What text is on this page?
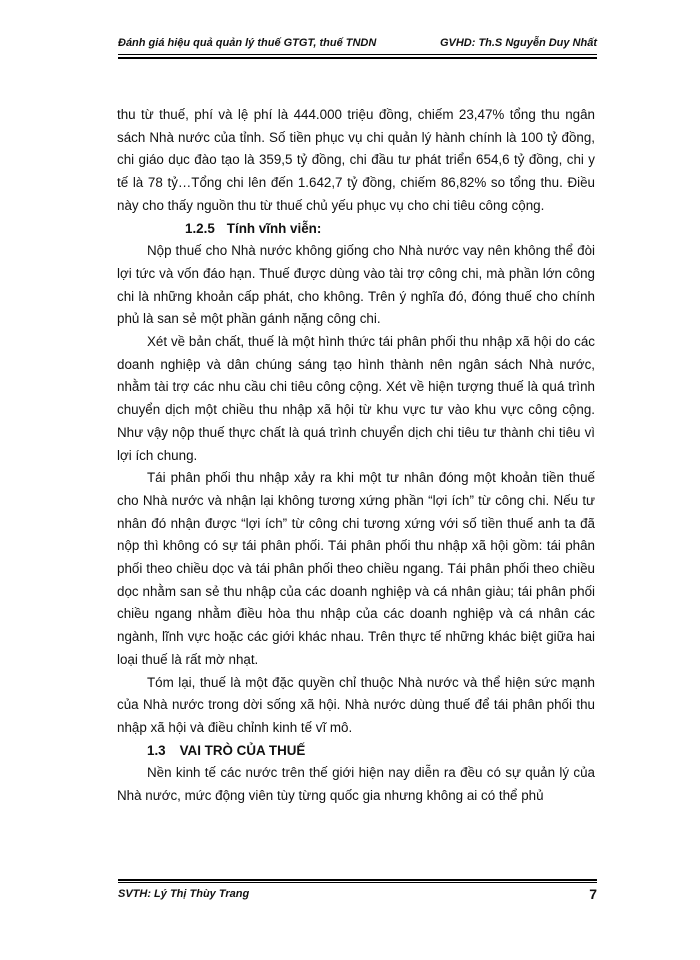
Đánh giá hiệu quả quản lý thuế GTGT, thuế TNDN	GVHD: Th.S Nguyễn Duy Nhất

thu từ thuế, phí và lệ phí là 444.000 triệu đồng, chiếm 23,47% tổng thu ngân sách Nhà nước của tỉnh. Số tiền phục vụ chi quản lý hành chính là 100 tỷ đồng, chi giáo dục đào tạo là 359,5 tỷ đồng, chi đầu tư phát triển 654,6 tỷ đồng, chi y tế là 78 tỷ…Tổng chi lên đến 1.642,7 tỷ đồng, chiếm 86,82% so tổng thu. Điều này cho thấy nguồn thu từ thuế chủ yếu phục vụ cho chi tiêu công cộng.

1.2.5 Tính vĩnh viễn:

Nộp thuế cho Nhà nước không giống cho Nhà nước vay nên không thể đòi lợi tức và vốn đáo hạn. Thuế được dùng vào tài trợ công chi, mà phần lớn công chi là những khoản cấp phát, cho không. Trên ý nghĩa đó, đóng thuế cho chính phủ là san sẻ một phần gánh nặng công chi.

Xét về bản chất, thuế là một hình thức tái phân phối thu nhập xã hội do các doanh nghiệp và dân chúng sáng tạo hình thành nên ngân sách Nhà nước, nhằm tài trợ các nhu cầu chi tiêu công cộng. Xét về hiện tượng thuế là quá trình chuyển dịch một chiều thu nhập xã hội từ khu vực tư vào khu vực công cộng. Như vậy nộp thuế thực chất là quá trình chuyển dịch chi tiêu tư thành chi tiêu vì lợi ích chung.

Tái phân phối thu nhập xảy ra khi một tư nhân đóng một khoản tiền thuế cho Nhà nước và nhận lại không tương xứng phần “lợi ích” từ công chi. Nếu tư nhân đó nhận được “lợi ích” từ công chi tương xứng với số tiền thuế anh ta đã nộp thì không có sự tái phân phối. Tái phân phối thu nhập xã hội gồm: tái phân phối theo chiều dọc và tái phân phối theo chiều ngang. Tái phân phối theo chiều dọc nhằm san sẻ thu nhập của các doanh nghiệp và cá nhân giàu; tái phân phối chiều ngang nhằm điều hòa thu nhập của các doanh nghiệp và cá nhân các ngành, lĩnh vực hoặc các giới khác nhau. Trên thực tế những khác biệt giữa hai loại thuế là rất mờ nhạt.

Tóm lại, thuế là một đặc quyền chỉ thuộc Nhà nước và thể hiện sức mạnh của Nhà nước trong dời sống xã hội. Nhà nước dùng thuế để tái phân phối thu nhập xã hội và điều chỉnh kinh tế vĩ mô.

1.3 VAI TRÒ CỦA THUẾ

Nền kinh tế các nước trên thế giới hiện nay diễn ra đều có sự quản lý của Nhà nước, mức động viên tùy từng quốc gia nhưng không ai có thể phủ

SVTH: Lý Thị Thùy Trang	7
